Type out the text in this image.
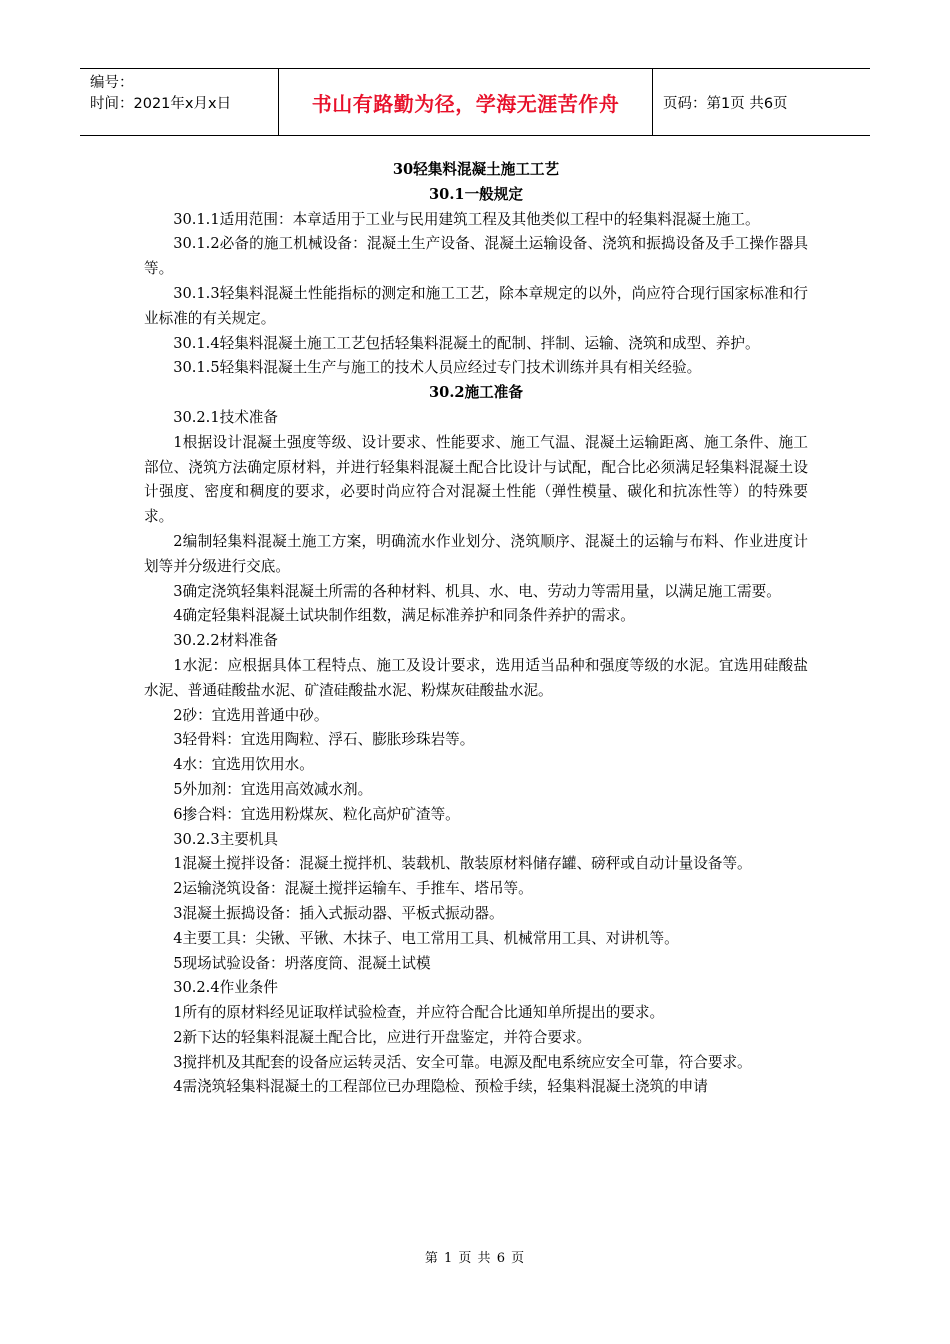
编号：
时间：2021年x月x日	书山有路勤为径，学海无涯苦作舟	页码：第1页 共6页
30轻集料混凝土施工工艺
30.1一般规定
30.1.1适用范围：本章适用于工业与民用建筑工程及其他类似工程中的轻集料混凝土施工。
30.1.2必备的施工机械设备：混凝土生产设备、混凝土运输设备、浇筑和振捣设备及手工操作器具等。
30.1.3轻集料混凝土性能指标的测定和施工工艺，除本章规定的以外，尚应符合现行国家标准和行业标准的有关规定。
30.1.4轻集料混凝土施工工艺包括轻集料混凝土的配制、拌制、运输、浇筑和成型、养护。
30.1.5轻集料混凝土生产与施工的技术人员应经过专门技术训练并具有相关经验。
30.2施工准备
30.2.1技术准备
1根据设计混凝土强度等级、设计要求、性能要求、施工气温、混凝土运输距离、施工条件、施工部位、浇筑方法确定原材料，并进行轻集料混凝土配合比设计与试配，配合比必须满足轻集料混凝土设计强度、密度和稠度的要求，必要时尚应符合对混凝土性能（弹性模量、碳化和抗冻性等）的特殊要求。
2编制轻集料混凝土施工方案，明确流水作业划分、浇筑顺序、混凝土的运输与布料、作业进度计划等并分级进行交底。
3确定浇筑轻集料混凝土所需的各种材料、机具、水、电、劳动力等需用量，以满足施工需要。
4确定轻集料混凝土试块制作组数，满足标准养护和同条件养护的需求。
30.2.2材料准备
1水泥：应根据具体工程特点、施工及设计要求，选用适当品种和强度等级的水泥。宜选用硅酸盐水泥、普通硅酸盐水泥、矿渣硅酸盐水泥、粉煤灰硅酸盐水泥。
2砂：宜选用普通中砂。
3轻骨料：宜选用陶粒、浮石、膨胀珍珠岩等。
4水：宜选用饮用水。
5外加剂：宜选用高效减水剂。
6掺合料：宜选用粉煤灰、粒化高炉矿渣等。
30.2.3主要机具
1混凝土搅拌设备：混凝土搅拌机、装载机、散装原材料储存罐、磅秤或自动计量设备等。
2运输浇筑设备：混凝土搅拌运输车、手推车、塔吊等。
3混凝土振捣设备：插入式振动器、平板式振动器。
4主要工具：尖锹、平锹、木抹子、电工常用工具、机械常用工具、对讲机等。
5现场试验设备：坍落度筒、混凝土试模
30.2.4作业条件
1所有的原材料经见证取样试验检查，并应符合配合比通知单所提出的要求。
2新下达的轻集料混凝土配合比，应进行开盘鉴定，并符合要求。
3搅拌机及其配套的设备应运转灵活、安全可靠。电源及配电系统应安全可靠，符合要求。
4需浇筑轻集料混凝土的工程部位已办理隐检、预检手续，轻集料混凝土浇筑的申请
第 1 页 共 6 页
